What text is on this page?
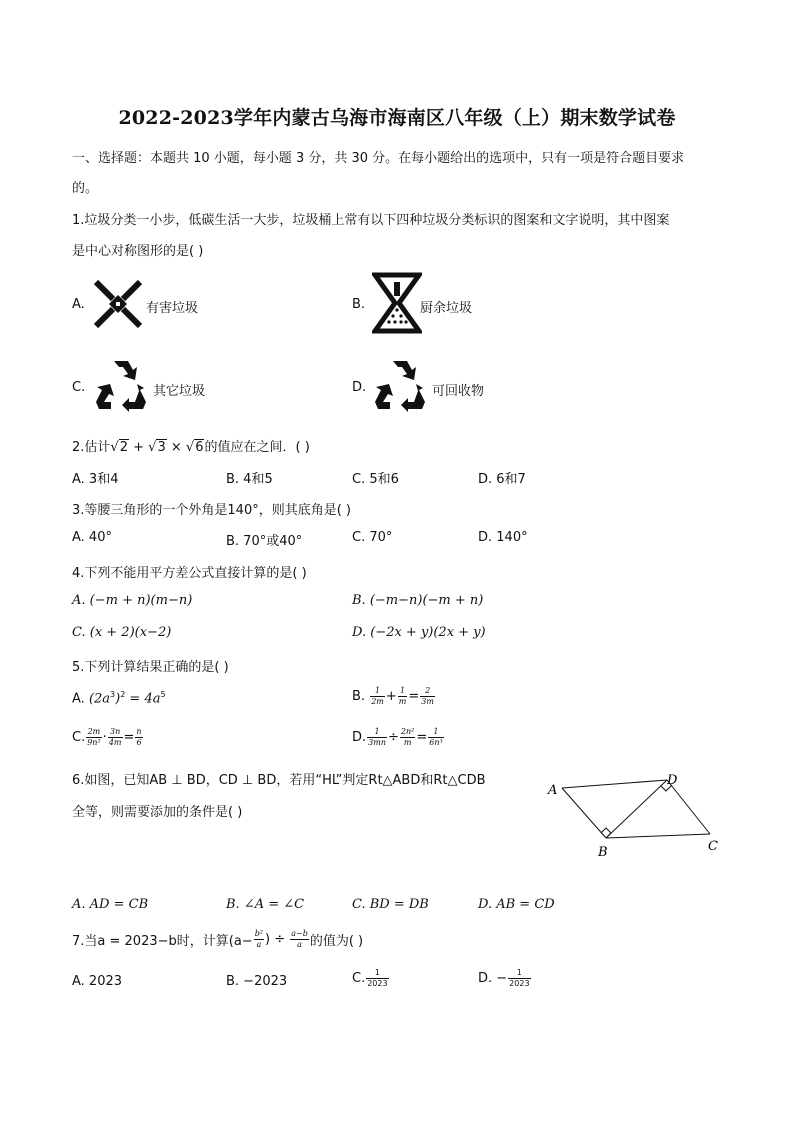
2022-2023学年内蒙古乌海市海南区八年级（上）期末数学试卷
一、选择题：本题共 10 小题，每小题 3 分，共 30 分。在每小题给出的选项中，只有一项是符合题目要求
的。
1.垃圾分类一小步，低碳生活一大步，垃圾桶上常有以下四种垃圾分类标识的图案和文字说明，其中图案
是中心对称图形的是( )
A.	有害垃圾	B.	厨余垃圾
C.	其它垃圾	D.	可回收物
2.估计√2 + √3 × √6的值应在之间．( )
A. 3和4	B. 4和5	C. 5和6	D. 6和7
3.等腰三角形的一个外角是140°，则其底角是( )
A. 40°	B. 70°或40°	C. 70°	D. 140°
4.下列不能用平方差公式直接计算的是( )
A. (−m + n)(m−n)	B. (−m−n)(−m + n)
C. (x + 2)(x−2)	D. (−2x + y)(2x + y)
5.下列计算结果正确的是( )
A. $(2a^3)^2 = 4a^5$	B. $\frac{1}{2m} + \frac{1}{m} = \frac{2}{3m}$
C. $\frac{2m}{\text{9n²}} \cdot \frac{3n}{4m} = \frac{n}{6}$	D. $\frac{1}{3mn} \div \frac{\text{2n²}}{m} = \frac{1}{\text{6n³}}$
6.如图，已知AB ⊥ BD，CD ⊥ BD，若用“HL”判定Rt△ABD和Rt△CDB
全等，则需要添加的条件是( )
A
D
B	C
A. AD = CB	B. ∠A = ∠C	C. BD = DB	D. AB = CD
7.当a = 2023−b时，计算($a- \frac{\text{b²}}{a}$ ) ÷ $\frac{a-b}{a}$ 的值为( )
A. 2023	B. −2023	C. $\frac{1}{2023}$	D. − $\frac{1}{2023}$
